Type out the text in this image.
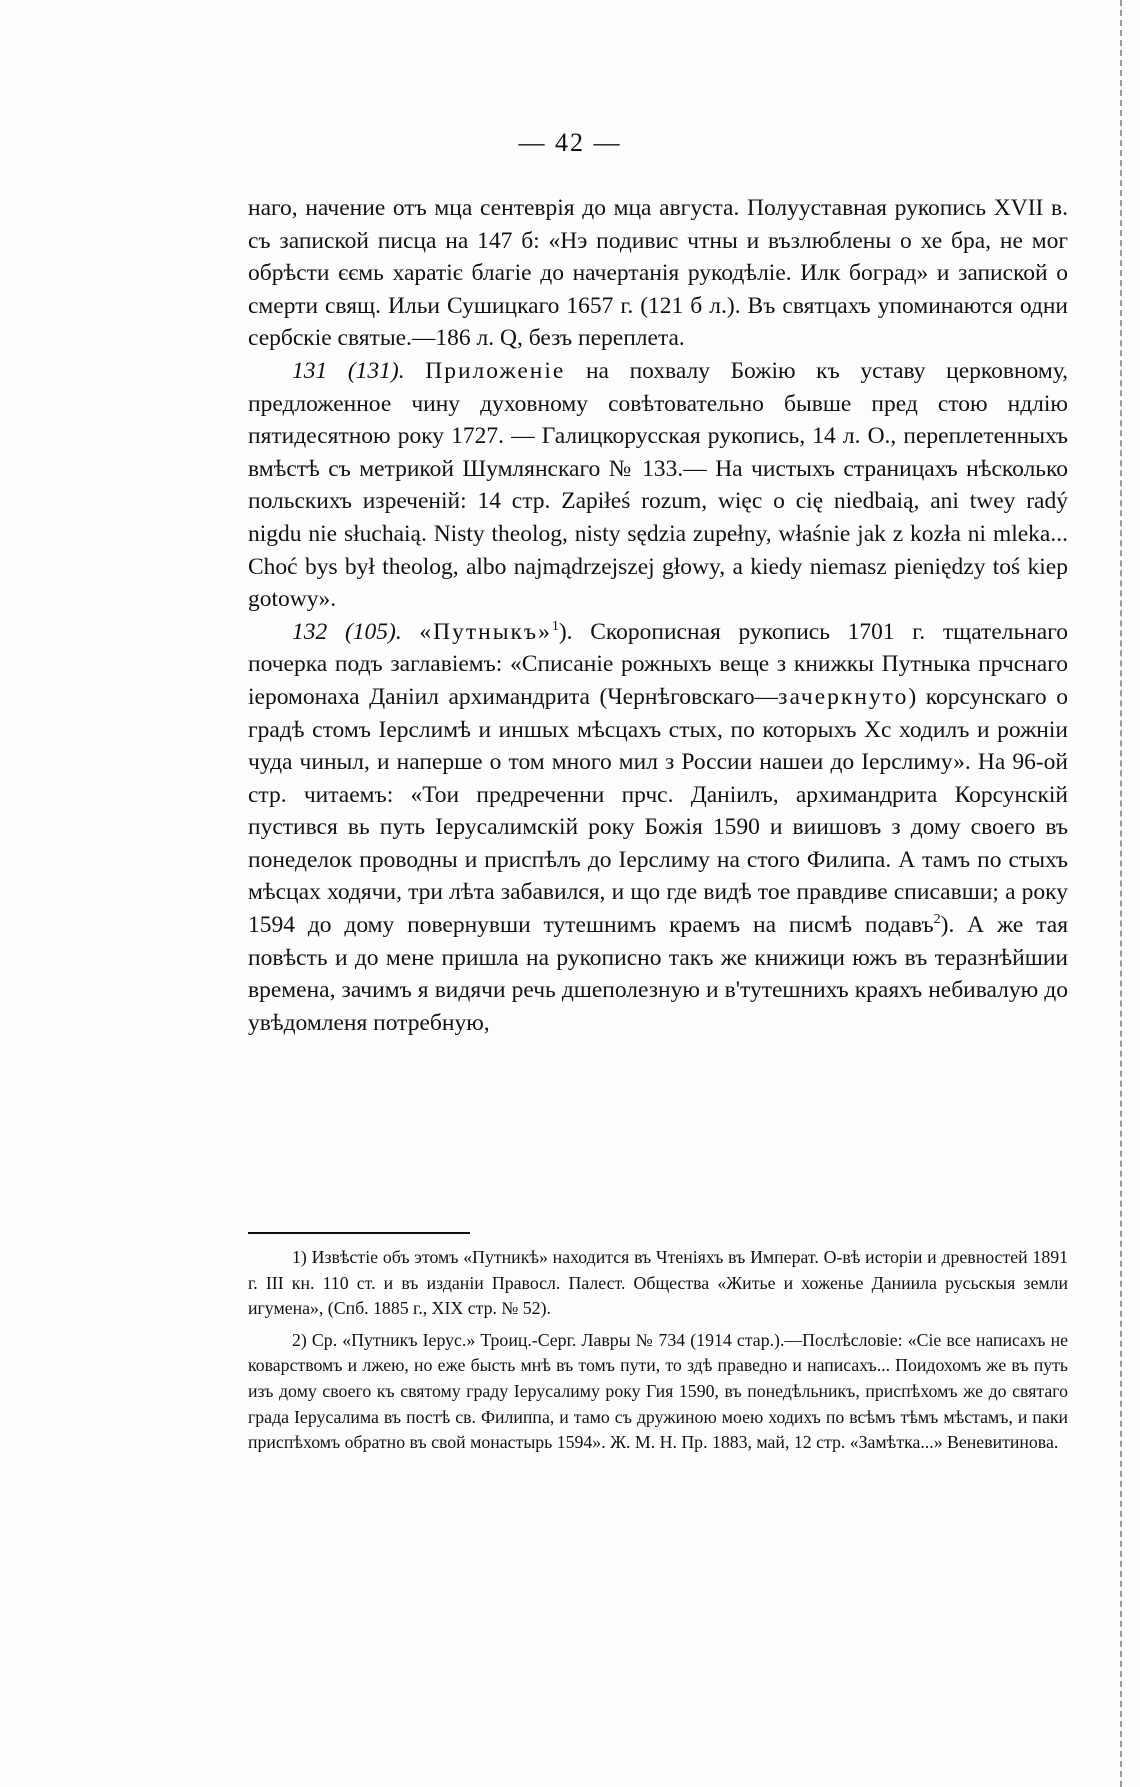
— 42 —

наго, начение отъ мца сентеврія до мца августа. Полууставная рукопись XVII в. съ запиской писца на 147 б: «Нэ подивис чтны и възлюблены о хе бра, не мог обрѣсти єємь харатіє благіе до начертанія рукодѣліе. Илк боград» и запиской о смерти свящ. Ильи Сушицкаго 1657 г. (121 б л.). Въ святцахъ упоминаются одни сербскіе святые.—186 л. Q, безъ переплета.

131 (131). Приложеніе на похвалу Божію къ уставу церковному, предложенное чину духовному совѣтовательно бывше пред стою ндлію пятидесятною року 1727. — Галицкорусская рукопись, 14 л. О., переплетенныхъ вмѣстѣ съ метрикой Шумлянскаго № 133.— На чистыхъ страницахъ нѣсколько польскихъ изреченій: 14 стр. Zapiłeś rozum, więc o cię niedbaią, ani twey radý nigdu nie słuchaią. Nisty theolog, nisty sędzia zupełny, właśnie jak z kozła ni mleka... Choć bys był theolog, albo najmądrzejszej głowy, a kiedy niemasz pieniędzy toś kiep gotowy».

132 (105). «Путныкъ»$^1$). Скорописная рукопись 1701 г. тщательнаго почерка подъ заглавіемъ: «Списаніе рожныхъ веще з книжкы Путныка прчснаго іеромонаха Даніил архимандрита (Чернѣговскаго—зачеркнуто) корсунскаго о градѣ стомъ Іерслимѣ и иншых мѣсцахъ стых, по которыхъ Хс ходилъ и рожніи чуда чиныл, и наперше о том много мил з России нашеи до Іерслиму». На 96-ой стр. читаемъ: «Тои предреченни прчс. Даніилъ, архимандрита Корсунскій пустився вь путь Іерусалимскій року Божія 1590 и виишовъ з дому своего въ понеделок проводны и приспѣлъ до Іерслиму на стого Филипа. А тамъ по стыхъ мѣсцах ходячи, три лѣта забавился, и що где видѣ тое правдиве списавши; а року 1594 до дому повернувши тутешнимъ краемъ на писмѣ подавъ$^2$). А же тая повѣсть и до мене пришла на рукописно такъ же книжици южъ въ теразнѣйшии времена, зачимъ я видячи речь дшеполезную и в'тутешнихъ краяхъ небивалую до увѣдомленя потребную,

1) Извѣстіе объ этомъ «Путникѣ» находится въ Чтеніяхъ въ Императ. О-вѣ исторіи и древностей 1891 г. III кн. 110 ст. и въ изданіи Правосл. Палест. Общества «Житье и хоженье Даниила русьскыя земли игумена», (Спб. 1885 г., XIX стр. № 52).

2) Ср. «Путникъ Іерус.» Троиц.-Серг. Лавры № 734 (1914 стар.).—Послѣсловіе: «Сіе все написахъ не коварствомъ и лжею, но еже бысть мнѣ въ томъ пути, то здѣ праведно и написахъ... Поидохомъ же въ путь изъ дому своего къ святому граду Іерусалиму року Гия 1590, въ понедѣльникъ, приспѣхомъ же до святаго града Іерусалима въ постѣ св. Филиппа, и тамо съ дружиною моею ходихъ по всѣмъ тѣмъ мѣстамъ, и паки приспѣхомъ обратно въ свой монастырь 1594». Ж. М. Н. Пр. 1883, май, 12 стр. «Замѣтка...» Веневитинова.
